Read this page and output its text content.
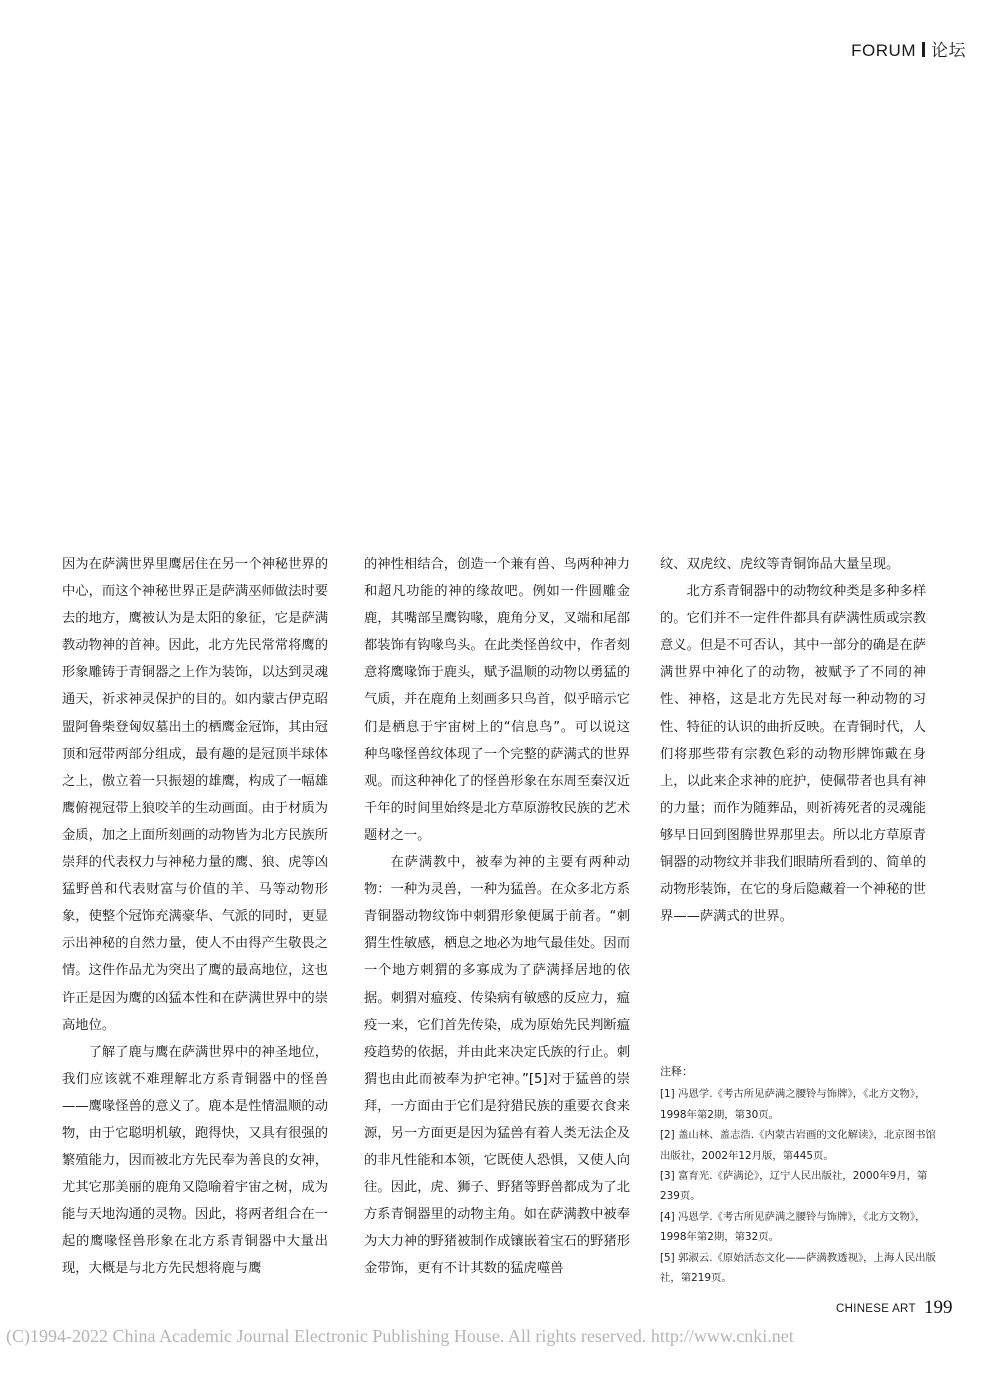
FORUM 论坛

因为在萨满世界里鹰居住在另一个神秘世界的中心，而这个神秘世界正是萨满巫师做法时要去的地方，鹰被认为是太阳的象征，它是萨满教动物神的首神。因此，北方先民常常将鹰的形象雕铸于青铜器之上作为装饰，以达到灵魂通天，祈求神灵保护的目的。如内蒙古伊克昭盟阿鲁柴登匈奴墓出土的栖鹰金冠饰，其由冠顶和冠带两部分组成，最有趣的是冠顶半球体之上，傲立着一只振翅的雄鹰，构成了一幅雄鹰俯视冠带上狼咬羊的生动画面。由于材质为金质，加之上面所刻画的动物皆为北方民族所崇拜的代表权力与神秘力量的鹰、狼、虎等凶猛野兽和代表财富与价值的羊、马等动物形象，使整个冠饰充满豪华、气派的同时，更显示出神秘的自然力量，使人不由得产生敬畏之情。这件作品尤为突出了鹰的最高地位，这也许正是因为鹰的凶猛本性和在萨满世界中的崇高地位。

了解了鹿与鹰在萨满世界中的神圣地位，我们应该就不难理解北方系青铜器中的怪兽——鹰喙怪兽的意义了。鹿本是性情温顺的动物，由于它聪明机敏，跑得快，又具有很强的繁殖能力，因而被北方先民奉为善良的女神，尤其它那美丽的鹿角又隐喻着宇宙之树，成为能与天地沟通的灵物。因此，将两者组合在一起的鹰喙怪兽形象在北方系青铜器中大量出现，大概是与北方先民想将鹿与鹰

的神性相结合，创造一个兼有兽、鸟两种神力和超凡功能的神的缘故吧。例如一件圆雕金鹿，其嘴部呈鹰钩喙，鹿角分叉，叉端和尾部都装饰有钩喙鸟头。在此类怪兽纹中，作者刻意将鹰喙饰于鹿头，赋予温顺的动物以勇猛的气质，并在鹿角上刻画多只鸟首，似乎暗示它们是栖息于宇宙树上的“信息鸟”。可以说这种鸟喙怪兽纹体现了一个完整的萨满式的世界观。而这种神化了的怪兽形象在东周至秦汉近千年的时间里始终是北方草原游牧民族的艺术题材之一。

在萨满教中，被奉为神的主要有两种动物：一种为灵兽，一种为猛兽。在众多北方系青铜器动物纹饰中刺猬形象便属于前者。“刺猬生性敏感，栖息之地必为地气最佳处。因而一个地方刺猬的多寡成为了萨满择居地的依据。刺猬对瘟疫、传染病有敏感的反应力，瘟疫一来，它们首先传染，成为原始先民判断瘟疫趋势的依据，并由此来决定氏族的行止。刺猬也由此而被奉为护宅神。”[5]对于猛兽的崇拜，一方面由于它们是狩猎民族的重要衣食来源，另一方面更是因为猛兽有着人类无法企及的非凡性能和本领，它既使人恐惧，又使人向往。因此，虎、狮子、野猪等野兽都成为了北方系青铜器里的动物主角。如在萨满教中被奉为大力神的野猪被制作成镶嵌着宝石的野猪形金带饰，更有不计其数的猛虎噬兽

纹、双虎纹、虎纹等青铜饰品大量呈现。

北方系青铜器中的动物纹种类是多种多样的。它们并不一定件件都具有萨满性质或宗教意义。但是不可否认，其中一部分的确是在萨满世界中神化了的动物，被赋予了不同的神性、神格，这是北方先民对每一种动物的习性、特征的认识的曲折反映。在青铜时代，人们将那些带有宗教色彩的动物形牌饰戴在身上，以此来企求神的庇护，使佩带者也具有神的力量；而作为随葬品，则祈祷死者的灵魂能够早日回到图腾世界那里去。所以北方草原青铜器的动物纹并非我们眼睛所看到的、简单的动物形装饰，在它的身后隐藏着一个神秘的世界——萨满式的世界。

注释：

[1] 冯恩学.《考古所见萨满之腰铃与饰牌》，《北方文物》，1998年第2期，第30页。

[2] 盖山林、盖志浩.《内蒙古岩画的文化解读》，北京图书馆出版社，2002年12月版，第445页。

[3] 富育光.《萨满论》，辽宁人民出版社，2000年9月，第239页。

[4] 冯恩学.《考古所见萨满之腰铃与饰牌》，《北方文物》，1998年第2期，第32页。

[5] 郭淑云.《原始活态文化——萨满教透视》，上海人民出版社，第219页。

CHINESE ART 199
(C)1994-2022 China Academic Journal Electronic Publishing House. All rights reserved. http://www.cnki.net
